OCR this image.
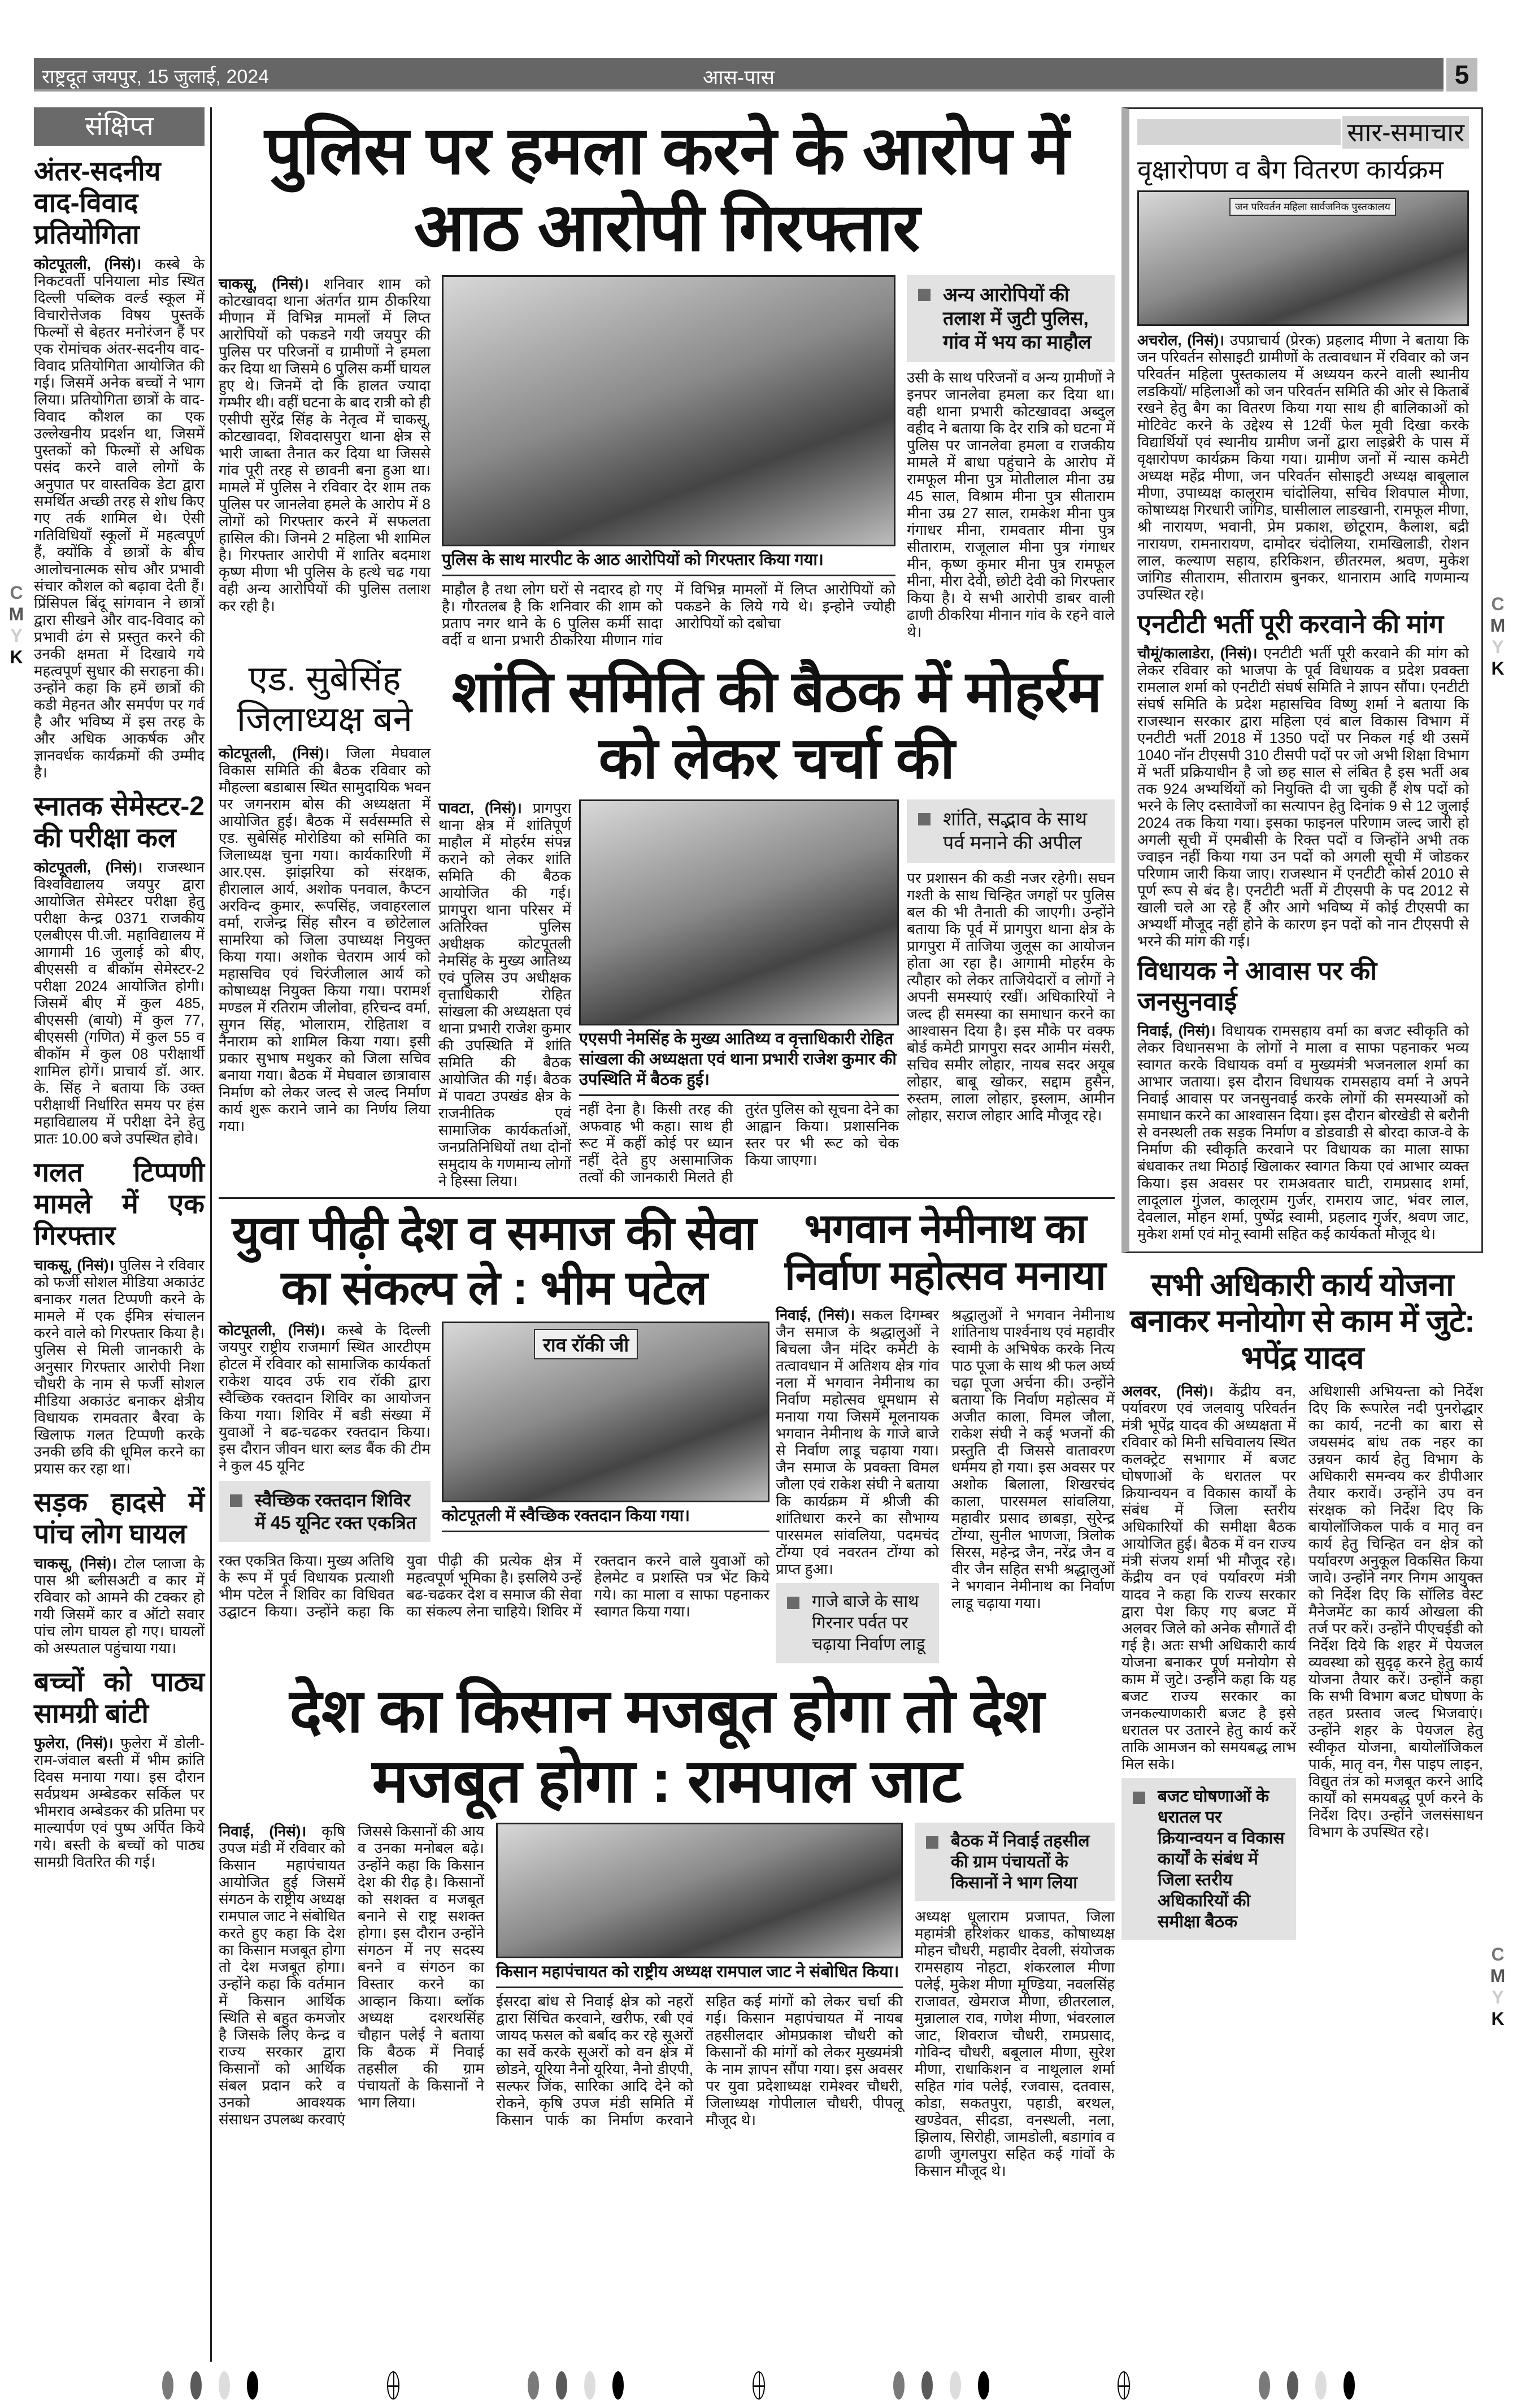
C
M
Y
K
C
M
Y
K
C
M
Y
K
राष्ट्रदूत जयपुर, 15 जुलाई, 2024	आस-पास	5
संक्षिप्त
अंतर-सदनीय वाद-विवाद प्रतियोगिता

कोटपूतली, (निसं)। कस्बे के निकटवर्ती पनियाला मोड स्थित दिल्ली पब्लिक वर्ल्ड स्कूल में विचारोत्तेजक विषय पुस्तकें फिल्मों से बेहतर मनोरंजन हैं पर एक रोमांचक अंतर-सदनीय वाद-विवाद प्रतियोगिता आयोजित की गई। जिसमें अनेक बच्चों ने भाग लिया। प्रतियोगिता छात्रों के वाद-विवाद कौशल का एक उल्लेखनीय प्रदर्शन था, जिसमें पुस्तकों को फिल्मों से अधिक पसंद करने वाले लोगों के अनुपात पर वास्तविक डेटा द्वारा समर्थित अच्छी तरह से शोध किए गए तर्क शामिल थे। ऐसी गतिविधियाँ स्कूलों में महत्वपूर्ण हैं, क्योंकि वे छात्रों के बीच आलोचनात्मक सोच और प्रभावी संचार कौशल को बढ़ावा देती हैं। प्रिंसिपल बिंदू सांगवान ने छात्रों द्वारा सीखने और वाद-विवाद को प्रभावी ढंग से प्रस्तुत करने की उनकी क्षमता में दिखाये गये महत्वपूर्ण सुधार की सराहना की। उन्होंने कहा कि हमें छात्रों की कडी मेहनत और समर्पण पर गर्व है और भविष्य में इस तरह के और अधिक आकर्षक और ज्ञानवर्धक कार्यक्रमों की उम्मीद है।

स्नातक सेमेस्टर-2 की परीक्षा कल

कोटपूतली, (निसं)। राजस्थान विश्वविद्यालय जयपुर द्वारा आयोजित सेमेस्टर परीक्षा हेतु परीक्षा केन्द्र 0371 राजकीय एलबीएस पी.जी. महाविद्यालय में आगामी 16 जुलाई को बीए, बीएससी व बीकॉम सेमेस्टर-2 परीक्षा 2024 आयोजित होगी। जिसमें बीए में कुल 485, बीएससी (बायो) में कुल 77, बीएससी (गणित) में कुल 55 व बीकॉम में कुल 08 परीक्षार्थी शामिल होगें। प्राचार्य डॉ. आर. के. सिंह ने बताया कि उक्त परीक्षार्थी निर्धारित समय पर हंस महाविद्यालय में परीक्षा देने हेतु प्रातः 10.00 बजे उपस्थित होवे।

गलत टिप्पणी मामले में एक गिरफ्तार

चाकसू, (निसं)। पुलिस ने रविवार को फर्जी सोशल मीडिया अकाउंट बनाकर गलत टिप्पणी करने के मामले में एक ईमित्र संचालन करने वाले को गिरफ्तार किया है। पुलिस से मिली जानकारी के अनुसार गिरफ्तार आरोपी निशा चौधरी के नाम से फर्जी सोशल मीडिया अकाउंट बनाकर क्षेत्रीय विधायक रामवतार बैरवा के खिलाफ गलत टिप्पणी करके उनकी छवि की धूमिल करने का प्रयास कर रहा था।

सड़क हादसे में पांच लोग घायल

चाकसू, (निसं)। टोल प्लाजा के पास श्री ब्लीसअटी व कार में रविवार को आमने की टक्कर हो गयी जिसमें कार व ऑटो सवार पांच लोग घायल हो गए। घायलों को अस्पताल पहुंचाया गया।

बच्चों को पाठ्य सामग्री बांटी

फुलेरा, (निसं)। फुलेरा में डोली-राम-जंवाल बस्ती में भीम क्रांति दिवस मनाया गया। इस दौरान सर्वप्रथम अम्बेडकर सर्किल पर भीमराव अम्बेडकर की प्रतिमा पर माल्यार्पण एवं पुष्प अर्पित किये गये। बस्ती के बच्चों को पाठ्य सामग्री वितरित की गई।

पुलिस पर हमला करने के आरोप में आठ आरोपी गिरफ्तार
चाकसू, (निसं)। शनिवार शाम को कोटखावदा थाना अंतर्गत ग्राम ठीकरिया मीणान में विभिन्न मामलों में लिप्त आरोपियों को पकडने गयी जयपुर की पुलिस पर परिजनों व ग्रामीणों ने हमला कर दिया था जिसमे 6 पुलिस कर्मी घायल हुए थे। जिनमें दो कि हालत ज्यादा गम्भीर थी। वहीं घटना के बाद रात्री को ही एसीपी सुरेंद्र सिंह के नेतृत्व में चाकसू, कोटखावदा, शिवदासपुरा थाना क्षेत्र से भारी जाब्ता तैनात कर दिया था जिससे गांव पूरी तरह से छावनी बना हुआ था। मामले में पुलिस ने रविवार देर शाम तक पुलिस पर जानलेवा हमले के आरोप में 8 लोगों को गिरफ्तार करने में सफलता हासिल की। जिनमे 2 महिला भी शामिल है। गिरफ्तार आरोपी में शातिर बदमाश कृष्ण मीणा भी पुलिस के हत्थे चढ गया वही अन्य आरोपियों की पुलिस तलाश कर रही है।
पुलिस के साथ मारपीट के आठ आरोपियों को गिरफ्तार किया गया।
माहौल है तथा लोग घरों से नदारद हो गए है। गौरतलब है कि शनिवार की शाम को प्रताप नगर थाने के 6 पुलिस कर्मी सादा वर्दी व थाना प्रभारी ठीकरिया मीणान गांव में विभिन्न मामलों में लिप्त आरोपियों को पकडने के लिये गये थे। इन्होने ज्योही आरोपियों को दबोचा
अन्य आरोपियों की तलाश में जुटी पुलिस, गांव में भय का माहौल
उसी के साथ परिजनों व अन्य ग्रामीणों ने इनपर जानलेवा हमला कर दिया था। वही थाना प्रभारी कोटखावदा अब्दुल वहीद ने बताया कि देर रात्रि को घटना में पुलिस पर जानलेवा हमला व राजकीय मामले में बाधा पहुंचाने के आरोप में रामफूल मीना पुत्र मोतीलाल मीना उम्र 45 साल, विश्राम मीना पुत्र सीताराम मीना उम्र 27 साल, रामकेश मीना पुत्र गंगाधर मीना, रामवतार मीना पुत्र सीताराम, राजूलाल मीना पुत्र गंगाधर मीन, कृष्ण कुमार मीना पुत्र रामफूल मीना, मीरा देवी, छोटी देवी को गिरफ्तार किया है। ये सभी आरोपी डाबर वाली ढाणी ठीकरिया मीनान गांव के रहने वाले थे।
एड. सुबेसिंह जिलाध्यक्ष बने
कोटपूतली, (निसं)। जिला मेघवाल विकास समिति की बैठक रविवार को मौहल्ला बडाबास स्थित सामुदायिक भवन पर जगनराम बोस की अध्यक्षता में आयोजित हुई। बैठक में सर्वसम्मति से एड. सुबेसिंह मोरोडिया को समिति का जिलाध्यक्ष चुना गया। कार्यकारिणी में आर.एस. झांझरिया को संरक्षक, हीरालाल आर्य, अशोक पनवाल, कैप्टन अरविन्द कुमार, रूपसिंह, जवाहरलाल वर्मा, राजेन्द्र सिंह सौरन व छोटेलाल सामरिया को जिला उपाध्यक्ष नियुक्त किया गया। अशोक चेतराम आर्य को महासचिव एवं चिरंजीलाल आर्य को कोषाध्यक्ष नियुक्त किया गया। परामर्श मण्डल में रतिराम जीलोवा, हरिचन्द वर्मा, सुगन सिंह, भोलाराम, रोहिताश व नैनाराम को शामिल किया गया। इसी प्रकार सुभाष मथुकर को जिला सचिव बनाया गया। बैठक में मेघवाल छात्रावास निर्माण को लेकर जल्द से जल्द निर्माण कार्य शुरू कराने जाने का निर्णय लिया गया।
शांति समिति की बैठक में मोहर्रम को लेकर चर्चा की
पावटा, (निसं)। प्रागपुरा थाना क्षेत्र में शांतिपूर्ण माहौल में मोहर्रम संपन्न कराने को लेकर शांति समिति की बैठक आयोजित की गई। प्रागपुरा थाना परिसर में अतिरिक्त पुलिस अधीक्षक कोटपूतली नेमसिंह के मुख्य आतिथ्य एवं पुलिस उप अधीक्षक वृत्ताधिकारी रोहित सांखला की अध्यक्षता एवं थाना प्रभारी राजेश कुमार की उपस्थिति में शांति समिति की बैठक आयोजित की गई। बैठक में पावटा उपखंड क्षेत्र के राजनीतिक एवं सामाजिक कार्यकर्ताओं, जनप्रतिनिधियों तथा दोनों समुदाय के गणमान्य लोगों ने हिस्सा लिया।
एएसपी नेमसिंह के मुख्य आतिथ्य व वृत्ताधिकारी रोहित सांखला की अध्यक्षता एवं थाना प्रभारी राजेश कुमार की उपस्थिति में बैठक हुई।
नहीं देना है। किसी तरह की अफवाह भी कहा। साथ ही रूट में कहीं कोई पर ध्यान नहीं देते हुए असामाजिक तत्वों की जानकारी मिलते ही तुरंत पुलिस को सूचना देने का आह्वान किया। प्रशासनिक स्तर पर भी रूट को चेक किया जाएगा।
शांति, सद्भाव के साथ पर्व मनाने की अपील
पर प्रशासन की कडी नजर रहेगी। सघन गश्ती के साथ चिन्हित जगहों पर पुलिस बल की भी तैनाती की जाएगी। उन्होंने बताया कि पूर्व में प्रागपुरा थाना क्षेत्र के प्रागपुरा में ताजिया जुलूस का आयोजन होता आ रहा है। आगामी मोहर्रम के त्यौहार को लेकर ताजियेदारों व लोगों ने अपनी समस्याएं रखीं। अधिकारियों ने जल्द ही समस्या का समाधान करने का आश्वासन दिया है। इस मौके पर वक्फ बोर्ड कमेटी प्रागपुरा सदर आमीन मंसरी, सचिव समीर लोहार, नायब सदर अयूब लोहार, बाबू खोकर, सद्दाम हुसैन, रुस्तम, लाला लोहार, इस्लाम, आमीन लोहार, सराज लोहार आदि मौजूद रहे।
युवा पीढ़ी देश व समाज की सेवा का संकल्प ले : भीम पटेल
कोटपूतली, (निसं)। कस्बे के दिल्ली जयपुर राष्ट्रीय राजमार्ग स्थित आरटीएम होटल में रविवार को सामाजिक कार्यकर्ता राकेश यादव उर्फ राव रॉकी द्वारा स्वैच्छिक रक्तदान शिविर का आयोजन किया गया। शिविर में बडी संख्या में युवाओं ने बढ-चढकर रक्तदान किया। इस दौरान जीवन धारा ब्लड बैंक की टीम ने कुल 45 यूनिट
स्वैच्छिक रक्तदान शिविर में 45 यूनिट रक्त एकत्रित
राव रॉकी जी
कोटपूतली में स्वैच्छिक रक्तदान किया गया।
रक्त एकत्रित किया। मुख्य अतिथि के रूप में पूर्व विधायक प्रत्याशी भीम पटेल ने शिविर का विधिवत उद्घाटन किया। उन्होंने कहा कि युवा पीढ़ी की प्रत्येक क्षेत्र में महत्वपूर्ण भूमिका है। इसलिये उन्हें बढ-चढकर देश व समाज की सेवा का संकल्प लेना चाहिये। शिविर में रक्तदान करने वाले युवाओं को हेलमेट व प्रशस्ति पत्र भेंट किये गये। का माला व साफा पहनाकर स्वागत किया गया।
भगवान नेमीनाथ का निर्वाण महोत्सव मनाया
निवाई, (निसं)। सकल दिगम्बर जैन समाज के श्रद्धालुओं ने बिचला जैन मंदिर कमेटी के तत्वावधान में अतिशय क्षेत्र गांव नला में भगवान नेमीनाथ का निर्वाण महोत्सव धूमधाम से मनाया गया जिसमें मूलनायक भगवान नेमीनाथ के गाजे बाजे से निर्वाण लाडू चढ़ाया गया। जैन समाज के प्रवक्ता विमल जौला एवं राकेश संघी ने बताया कि कार्यक्रम में श्रीजी की शांतिधारा करने का सौभाग्य पारसमल सांवलिया, पदमचंद टोंग्या एवं नवरतन टोंग्या को प्राप्त हुआ।
गाजे बाजे के साथ गिरनार पर्वत पर चढ़ाया निर्वाण लाडू
श्रद्धालुओं ने भगवान नेमीनाथ शांतिनाथ पार्श्वनाथ एवं महावीर स्वामी के अभिषेक करके नित्य पाठ पूजा के साथ श्री फल अर्घ्य चढ़ा पूजा अर्चना की। उन्होंने बताया कि निर्वाण महोत्सव में अजीत काला, विमल जौला, राकेश संघी ने कई भजनों की प्रस्तुति दी जिससे वातावरण धर्ममय हो गया। इस अवसर पर अशोक बिलाला, शिखरचंद काला, पारसमल सांवलिया, महावीर प्रसाद छाबड़ा, सुरेन्द्र टोंग्या, सुनील भाणजा, त्रिलोक सिरस, महेन्द्र जैन, नरेंद्र जैन व वीर जैन सहित सभी श्रद्धालुओं ने भगवान नेमीनाथ का निर्वाण लाडू चढ़ाया गया।
देश का किसान मजबूत होगा तो देश मजबूत होगा : रामपाल जाट
निवाई, (निसं)। कृषि उपज मंडी में रविवार को किसान महापंचायत आयोजित हुई जिसमें संगठन के राष्ट्रीय अध्यक्ष रामपाल जाट ने संबोधित करते हुए कहा कि देश का किसान मजबूत होगा तो देश मजबूत होगा। उन्होंने कहा कि वर्तमान में किसान आर्थिक स्थिति से बहुत कमजोर है जिसके लिए केन्द्र व राज्य सरकार द्वारा किसानों को आर्थिक संबल प्रदान करे व उनको आवश्यक संसाधन उपलब्ध करवाएं जिससे किसानों की आय व उनका मनोबल बढ़े। उन्होंने कहा कि किसान देश की रीढ़ है। किसानों को सशक्त व मजबूत बनाने से राष्ट्र सशक्त होगा। इस दौरान उन्होंने संगठन में नए सदस्य बनने व संगठन का विस्तार करने का आव्हान किया। ब्लॉक अध्यक्ष दशरथसिंह चौहान पलेई ने बताया कि बैठक में निवाई तहसील की ग्राम पंचायतों के किसानों ने भाग लिया।
किसान महापंचायत को राष्ट्रीय अध्यक्ष रामपाल जाट ने संबोधित किया।
ईसरदा बांध से निवाई क्षेत्र को नहरों द्वारा सिंचित करवाने, खरीफ, रबी एवं जायद फसल को बर्बाद कर रहे सूअरों का सर्वे करके सूअरों को वन क्षेत्र में छोडने, यूरिया नैनो यूरिया, नैनो डीएपी, सल्फर जिंक, सारिका आदि देने को रोकने, कृषि उपज मंडी समिति में किसान पार्क का निर्माण करवाने सहित कई मांगों को लेकर चर्चा की गई। किसान महापंचायत में नायब तहसीलदार ओमप्रकाश चौधरी को किसानों की मांगों को लेकर मुख्यमंत्री के नाम ज्ञापन सौंपा गया। इस अवसर पर युवा प्रदेशाध्यक्ष रामेश्वर चौधरी, जिलाध्यक्ष गोपीलाल चौधरी, पीपलू मौजूद थे।
बैठक में निवाई तहसील की ग्राम पंचायतों के किसानों ने भाग लिया
अध्यक्ष धूलाराम प्रजापत, जिला महामंत्री हरिशंकर धाकड, कोषाध्यक्ष मोहन चौधरी, महावीर देवली, संयोजक रामसहाय नोहटा, शंकरलाल मीणा पलेई, मुकेश मीणा मूण्डिया, नवलसिंह राजावत, खेमराज मीणा, छीतरलाल, मुन्नालाल राव, गणेश मीणा, भंवरलाल जाट, शिवराज चौधरी, रामप्रसाद, गोविन्द चौधरी, बबूलाल मीणा, सुरेश मीणा, राधाकिशन व नाथूलाल शर्मा सहित गांव पलेई, रजवास, दतवास, कोडा, सकतपुरा, पहाडी, बरथल, खण्डेवत, सीदडा, वनस्थली, नला, झिलाय, सिरोही, जामडोली, बडागांव व ढाणी जुगलपुरा सहित कई गांवों के किसान मौजूद थे।
सार-समाचार
वृक्षारोपण व बैग वितरण कार्यक्रम
जन परिवर्तन महिला सार्वजनिक पुस्तकालय
अचरोल, (निसं)। उपप्राचार्य (प्रेरक) प्रहलाद मीणा ने बताया कि जन परिवर्तन सोसाइटी ग्रामीणों के तत्वावधान में रविवार को जन परिवर्तन महिला पुस्तकालय में अध्ययन करने वाली स्थानीय लडकियों/ महिलाओं को जन परिवर्तन समिति की ओर से किताबें रखने हेतु बैग का वितरण किया गया साथ ही बालिकाओं को मोटिवेट करने के उद्देश्य से 12वीं फेल मूवी दिखा करके विद्यार्थियों एवं स्थानीय ग्रामीण जनों द्वारा लाइब्रेरी के पास में वृक्षारोपण कार्यक्रम किया गया। ग्रामीण जनों में न्यास कमेटी अध्यक्ष महेंद्र मीणा, जन परिवर्तन सोसाइटी अध्यक्ष बाबूलाल मीणा, उपाध्यक्ष कालूराम चांदोलिया, सचिव शिवपाल मीणा, कोषाध्यक्ष गिरधारी जांगिड, घासीलाल लाडखानी, रामफूल मीणा, श्री नारायण, भवानी, प्रेम प्रकाश, छोटूराम, कैलाश, बद्री नारायण, रामनारायण, दामोदर चंदोलिया, रामखिलाडी, रोशन लाल, कल्याण सहाय, हरिकिशन, छीतरमल, श्रवण, मुकेश जांगिड सीताराम, सीताराम बुनकर, थानाराम आदि गणमान्य उपस्थित रहे।
एनटीटी भर्ती पूरी करवाने की मांग
चौमूं/कालाडेरा, (निसं)। एनटीटी भर्ती पूरी करवाने की मांग को लेकर रविवार को भाजपा के पूर्व विधायक व प्रदेश प्रवक्ता रामलाल शर्मा को एनटीटी संघर्ष समिति ने ज्ञापन सौंपा। एनटीटी संघर्ष समिति के प्रदेश महासचिव विष्णु शर्मा ने बताया कि राजस्थान सरकार द्वारा महिला एवं बाल विकास विभाग में एनटीटी भर्ती 2018 में 1350 पदों पर निकल गई थी उसमें 1040 नॉन टीएसपी 310 टीसपी पदों पर जो अभी शिक्षा विभाग में भर्ती प्रक्रियाधीन है जो छह साल से लंबित है इस भर्ती अब तक 924 अभ्यर्थियों को नियुक्ति दी जा चुकी हैं शेष पदों को भरने के लिए दस्तावेजों का सत्यापन हेतु दिनांक 9 से 12 जुलाई 2024 तक किया गया। इसका फाइनल परिणाम जल्द जारी हो अगली सूची में एमबीसी के रिक्त पदों व जिन्होंने अभी तक ज्वाइन नहीं किया गया उन पदों को अगली सूची में जोडकर परिणाम जारी किया जाए। राजस्थान में एनटीटी कोर्स 2010 से पूर्ण रूप से बंद है। एनटीटी भर्ती में टीएसपी के पद 2012 से खाली चले आ रहे हैं और आगे भविष्य में कोई टीएसपी का अभ्यर्थी मौजूद नहीं होने के कारण इन पदों को नान टीएसपी से भरने की मांग की गई।
विधायक ने आवास पर की जनसुनवाई
निवाई, (निसं)। विधायक रामसहाय वर्मा का बजट स्वीकृति को लेकर विधानसभा के लोगों ने माला व साफा पहनाकर भव्य स्वागत करके विधायक वर्मा व मुख्यमंत्री भजनलाल शर्मा का आभार जताया। इस दौरान विधायक रामसहाय वर्मा ने अपने निवाई आवास पर जनसुनवाई करके लोगों की समस्याओं को समाधान करने का आश्वासन दिया। इस दौरान बोरखेडी से बरौनी से वनस्थली तक सड़क निर्माण व डोडवाडी से बोरदा काज-वे के निर्माण की स्वीकृति करवाने पर विधायक का माला साफा बंधवाकर तथा मिठाई खिलाकर स्वागत किया एवं आभार व्यक्त किया। इस अवसर पर रामअवतार घाटी, रामप्रसाद शर्मा, लादूलाल गुंजल, कालूराम गुर्जर, रामराय जाट, भंवर लाल, देवलाल, मोहन शर्मा, पुष्पेंद्र स्वामी, प्रहलाद गुर्जर, श्रवण जाट, मुकेश शर्मा एवं मोनू स्वामी सहित कई कार्यकर्ता मौजूद थे।
सभी अधिकारी कार्य योजना बनाकर मनोयोग से काम में जुटे: भपेंद्र यादव
अलवर, (निसं)। केंद्रीय वन, पर्यावरण एवं जलवायु परिवर्तन मंत्री भूपेंद्र यादव की अध्यक्षता में रविवार को मिनी सचिवालय स्थित कलक्ट्रेट सभागार में बजट घोषणाओं के धरातल पर क्रियान्वयन व विकास कार्यों के संबंध में जिला स्तरीय अधिकारियों की समीक्षा बैठक आयोजित हुई। बैठक में वन राज्य मंत्री संजय शर्मा भी मौजूद रहे। केंद्रीय वन एवं पर्यावरण मंत्री यादव ने कहा कि राज्य सरकार द्वारा पेश किए गए बजट में अलवर जिले को अनेक सौगातें दी गई है। अतः सभी अधिकारी कार्य योजना बनाकर पूर्ण मनोयोग से काम में जुटे। उन्होंने कहा कि यह बजट राज्य सरकार का जनकल्याणकारी बजट है इसे धरातल पर उतारने हेतु कार्य करें ताकि आमजन को समयबद्ध लाभ मिल सके।
बजट घोषणाओं के धरातल पर क्रियान्वयन व विकास कार्यों के संबंध में जिला स्तरीय अधिकारियों की समीक्षा बैठक
अधिशासी अभियन्ता को निर्देश दिए कि रूपारेल नदी पुनरोद्धार का कार्य, नटनी का बारा से जयसमंद बांध तक नहर का उन्नयन कार्य हेतु विभाग के अधिकारी समन्वय कर डीपीआर तैयार करावें। उन्होंने उप वन संरक्षक को निर्देश दिए कि बायोलॉजिकल पार्क व मातृ वन कार्य हेतु चिन्हित वन क्षेत्र को पर्यावरण अनुकूल विकसित किया जावे। उन्होंने नगर निगम आयुक्त को निर्देश दिए कि सॉलिड वेस्ट मैनेजमेंट का कार्य ओखला की तर्ज पर करें। उन्होंने पीएचईडी को निर्देश दिये कि शहर में पेयजल व्यवस्था को सुदृढ़ करने हेतु कार्य योजना तैयार करें। उन्होंने कहा कि सभी विभाग बजट घोषणा के तहत प्रस्ताव जल्द भिजवाएं। उन्होंने शहर के पेयजल हेतु स्वीकृत योजना, बायोलॉजिकल पार्क, मातृ वन, गैस पाइप लाइन, विद्युत तंत्र को मजबूत करने आदि कार्यों को समयबद्ध पूर्ण करने के निर्देश दिए। उन्होंने जलसंसाधन विभाग के उपस्थित रहे।
